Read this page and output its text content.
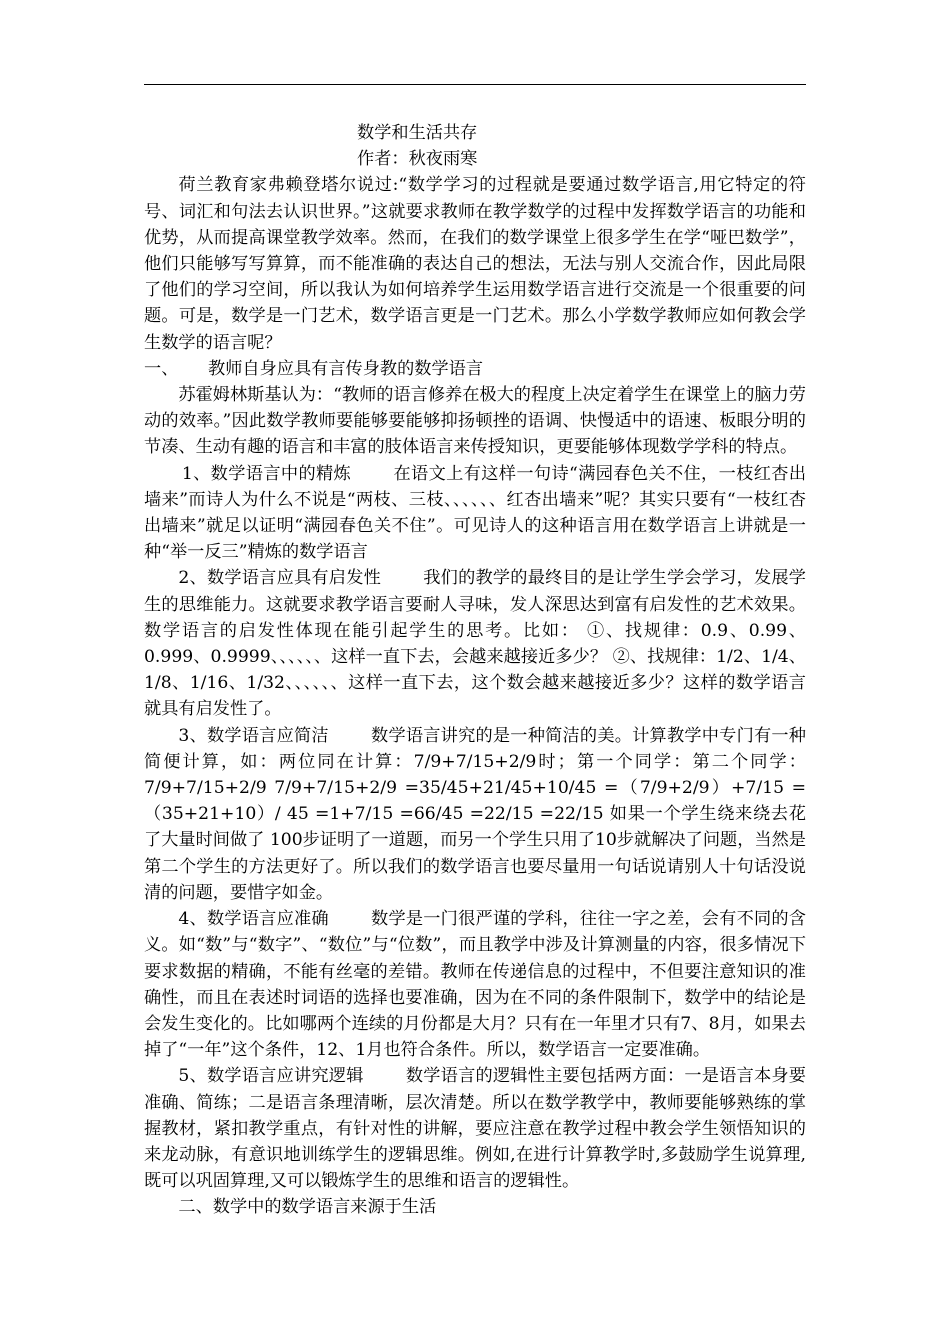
数学和生活共存

作者：秋夜雨寒

荷兰教育家弗赖登塔尔说过:“数学学习的过程就是要通过数学语言,用它特定的符号、词汇和句法去认识世界。”这就要求教师在教学数学的过程中发挥数学语言的功能和优势，从而提高课堂教学效率。然而，在我们的数学课堂上很多学生在学“哑巴数学”，他们只能够写写算算，而不能准确的表达自己的想法，无法与别人交流合作，因此局限了他们的学习空间，所以我认为如何培养学生运用数学语言进行交流是一个很重要的问题。可是，数学是一门艺术，数学语言更是一门艺术。那么小学数学教师应如何教会学生数学的语言呢？

一、 教师自身应具有言传身教的数学语言

苏霍姆林斯基认为：“教师的语言修养在极大的程度上决定着学生在课堂上的脑力劳动的效率。”因此数学教师要能够要能够抑扬顿挫的语调、快慢适中的语速、板眼分明的节凑、生动有趣的语言和丰富的肢体语言来传授知识，更要能够体现数学学科的特点。

1、数学语言中的精炼 在语文上有这样一句诗“满园春色关不住，一枝红杏出墙来”而诗人为什么不说是“两枝、三枝、、、、、、红杏出墙来”呢？其实只要有“一枝红杏出墙来”就足以证明“满园春色关不住”。可见诗人的这种语言用在数学语言上讲就是一种“举一反三”精炼的数学语言

2、数学语言应具有启发性 我们的教学的最终目的是让学生学会学习，发展学生的思维能力。这就要求教学语言要耐人寻味，发人深思达到富有启发性的艺术效果。数学语言的启发性体现在能引起学生的思考。比如： ①、找规律：0.9、0.99、0.999、0.9999、、、、、、这样一直下去，会越来越接近多少？ ②、找规律：1/2、1/4、1/8、1/16、1/32、、、、、、这样一直下去，这个数会越来越接近多少？这样的数学语言就具有启发性了。

3、数学语言应简洁 数学语言讲究的是一种简洁的美。计算教学中专门有一种简便计算，如：两位同在计算：7/9+7/15+2/9时；第一个同学：第二个同学：7/9+7/15+2/9 7/9+7/15+2/9 =35/45+21/45+10/45 =（7/9+2/9）+7/15 =（35+21+10）/ 45 =1+7/15 =66/45 =22/15 =22/15 如果一个学生绕来绕去花了大量时间做了 100步证明了一道题，而另一个学生只用了10步就解决了问题，当然是第二个学生的方法更好了。所以我们的数学语言也要尽量用一句话说请别人十句话没说清的问题，要惜字如金。

4、数学语言应准确 数学是一门很严谨的学科，往往一字之差，会有不同的含义。如“数”与“数字”、“数位”与“位数”，而且教学中涉及计算测量的内容，很多情况下要求数据的精确，不能有丝毫的差错。教师在传递信息的过程中，不但要注意知识的准确性，而且在表述时词语的选择也要准确，因为在不同的条件限制下，数学中的结论是会发生变化的。比如哪两个连续的月份都是大月？只有在一年里才只有7、8月，如果去掉了“一年”这个条件，12、1月也符合条件。所以，数学语言一定要准确。

5、数学语言应讲究逻辑 数学语言的逻辑性主要包括两方面：一是语言本身要准确、简练；二是语言条理清晰，层次清楚。所以在数学教学中，教师要能够熟练的掌握教材，紧扣教学重点，有针对性的讲解，要应注意在教学过程中教会学生领悟知识的来龙动脉，有意识地训练学生的逻辑思维。例如,在进行计算教学时,多鼓励学生说算理,既可以巩固算理,又可以锻炼学生的思维和语言的逻辑性。

二、数学中的数学语言来源于生活
